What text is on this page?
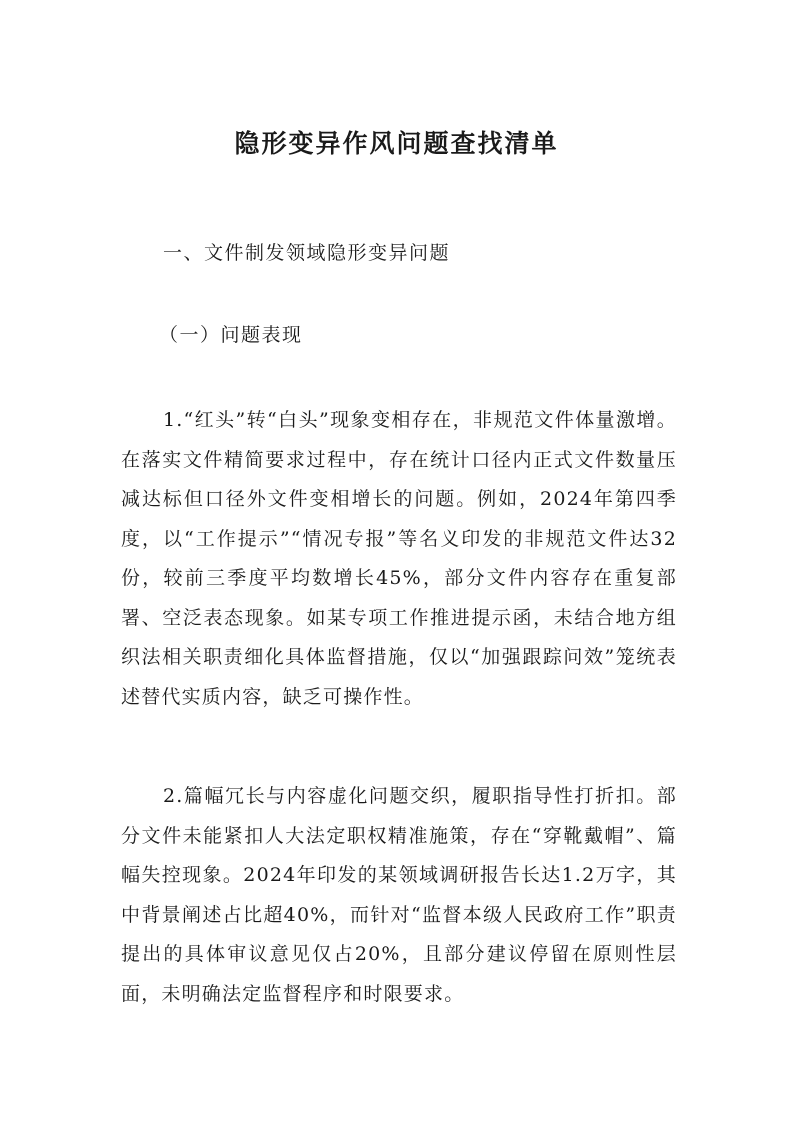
隐形变异作风问题查找清单
一、文件制发领域隐形变异问题
（一）问题表现
1.“红头”转“白头”现象变相存在，非规范文件体量激增。在落实文件精简要求过程中，存在统计口径内正式文件数量压减达标但口径外文件变相增长的问题。例如，2024年第四季度，以“工作提示”“情况专报”等名义印发的非规范文件达32份，较前三季度平均数增长45%，部分文件内容存在重复部署、空泛表态现象。如某专项工作推进提示函，未结合地方组织法相关职责细化具体监督措施，仅以“加强跟踪问效”笼统表述替代实质内容，缺乏可操作性。
2.篇幅冗长与内容虚化问题交织，履职指导性打折扣。部分文件未能紧扣人大法定职权精准施策，存在“穿靴戴帽”、篇幅失控现象。2024年印发的某领域调研报告长达1.2万字，其中背景阐述占比超40%，而针对“监督本级人民政府工作”职责提出的具体审议意见仅占20%，且部分建议停留在原则性层面，未明确法定监督程序和时限要求。
